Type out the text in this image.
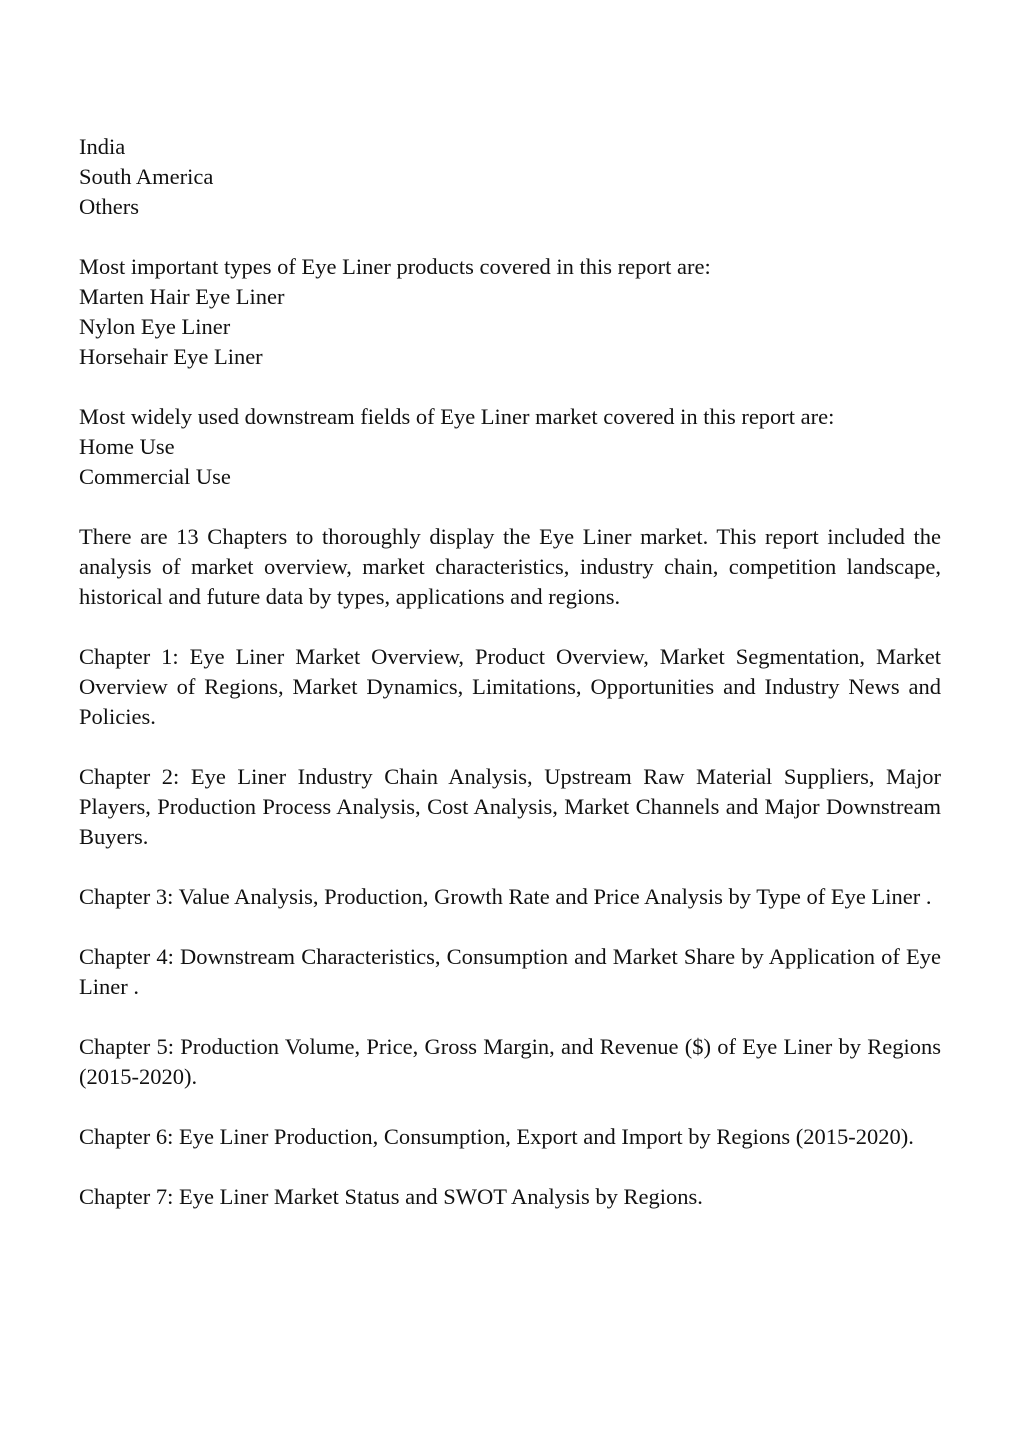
India
South America
Others
Most important types of Eye Liner products covered in this report are:
Marten Hair Eye Liner
Nylon Eye Liner
Horsehair Eye Liner
Most widely used downstream fields of Eye Liner market covered in this report are:
Home Use
Commercial Use

There are 13 Chapters to thoroughly display the Eye Liner market. This report included the analysis of market overview, market characteristics, industry chain, competition landscape, historical and future data by types, applications and regions.

Chapter 1: Eye Liner Market Overview, Product Overview, Market Segmentation, Market Overview of Regions, Market Dynamics, Limitations, Opportunities and Industry News and Policies.

Chapter 2: Eye Liner Industry Chain Analysis, Upstream Raw Material Suppliers, Major Players, Production Process Analysis, Cost Analysis, Market Channels and Major Downstream Buyers.

Chapter 3: Value Analysis, Production, Growth Rate and Price Analysis by Type of Eye Liner .

Chapter 4: Downstream Characteristics, Consumption and Market Share by Application of Eye Liner .

Chapter 5: Production Volume, Price, Gross Margin, and Revenue ($) of Eye Liner by Regions (2015-2020).

Chapter 6: Eye Liner Production, Consumption, Export and Import by Regions (2015-2020).

Chapter 7: Eye Liner Market Status and SWOT Analysis by Regions.
